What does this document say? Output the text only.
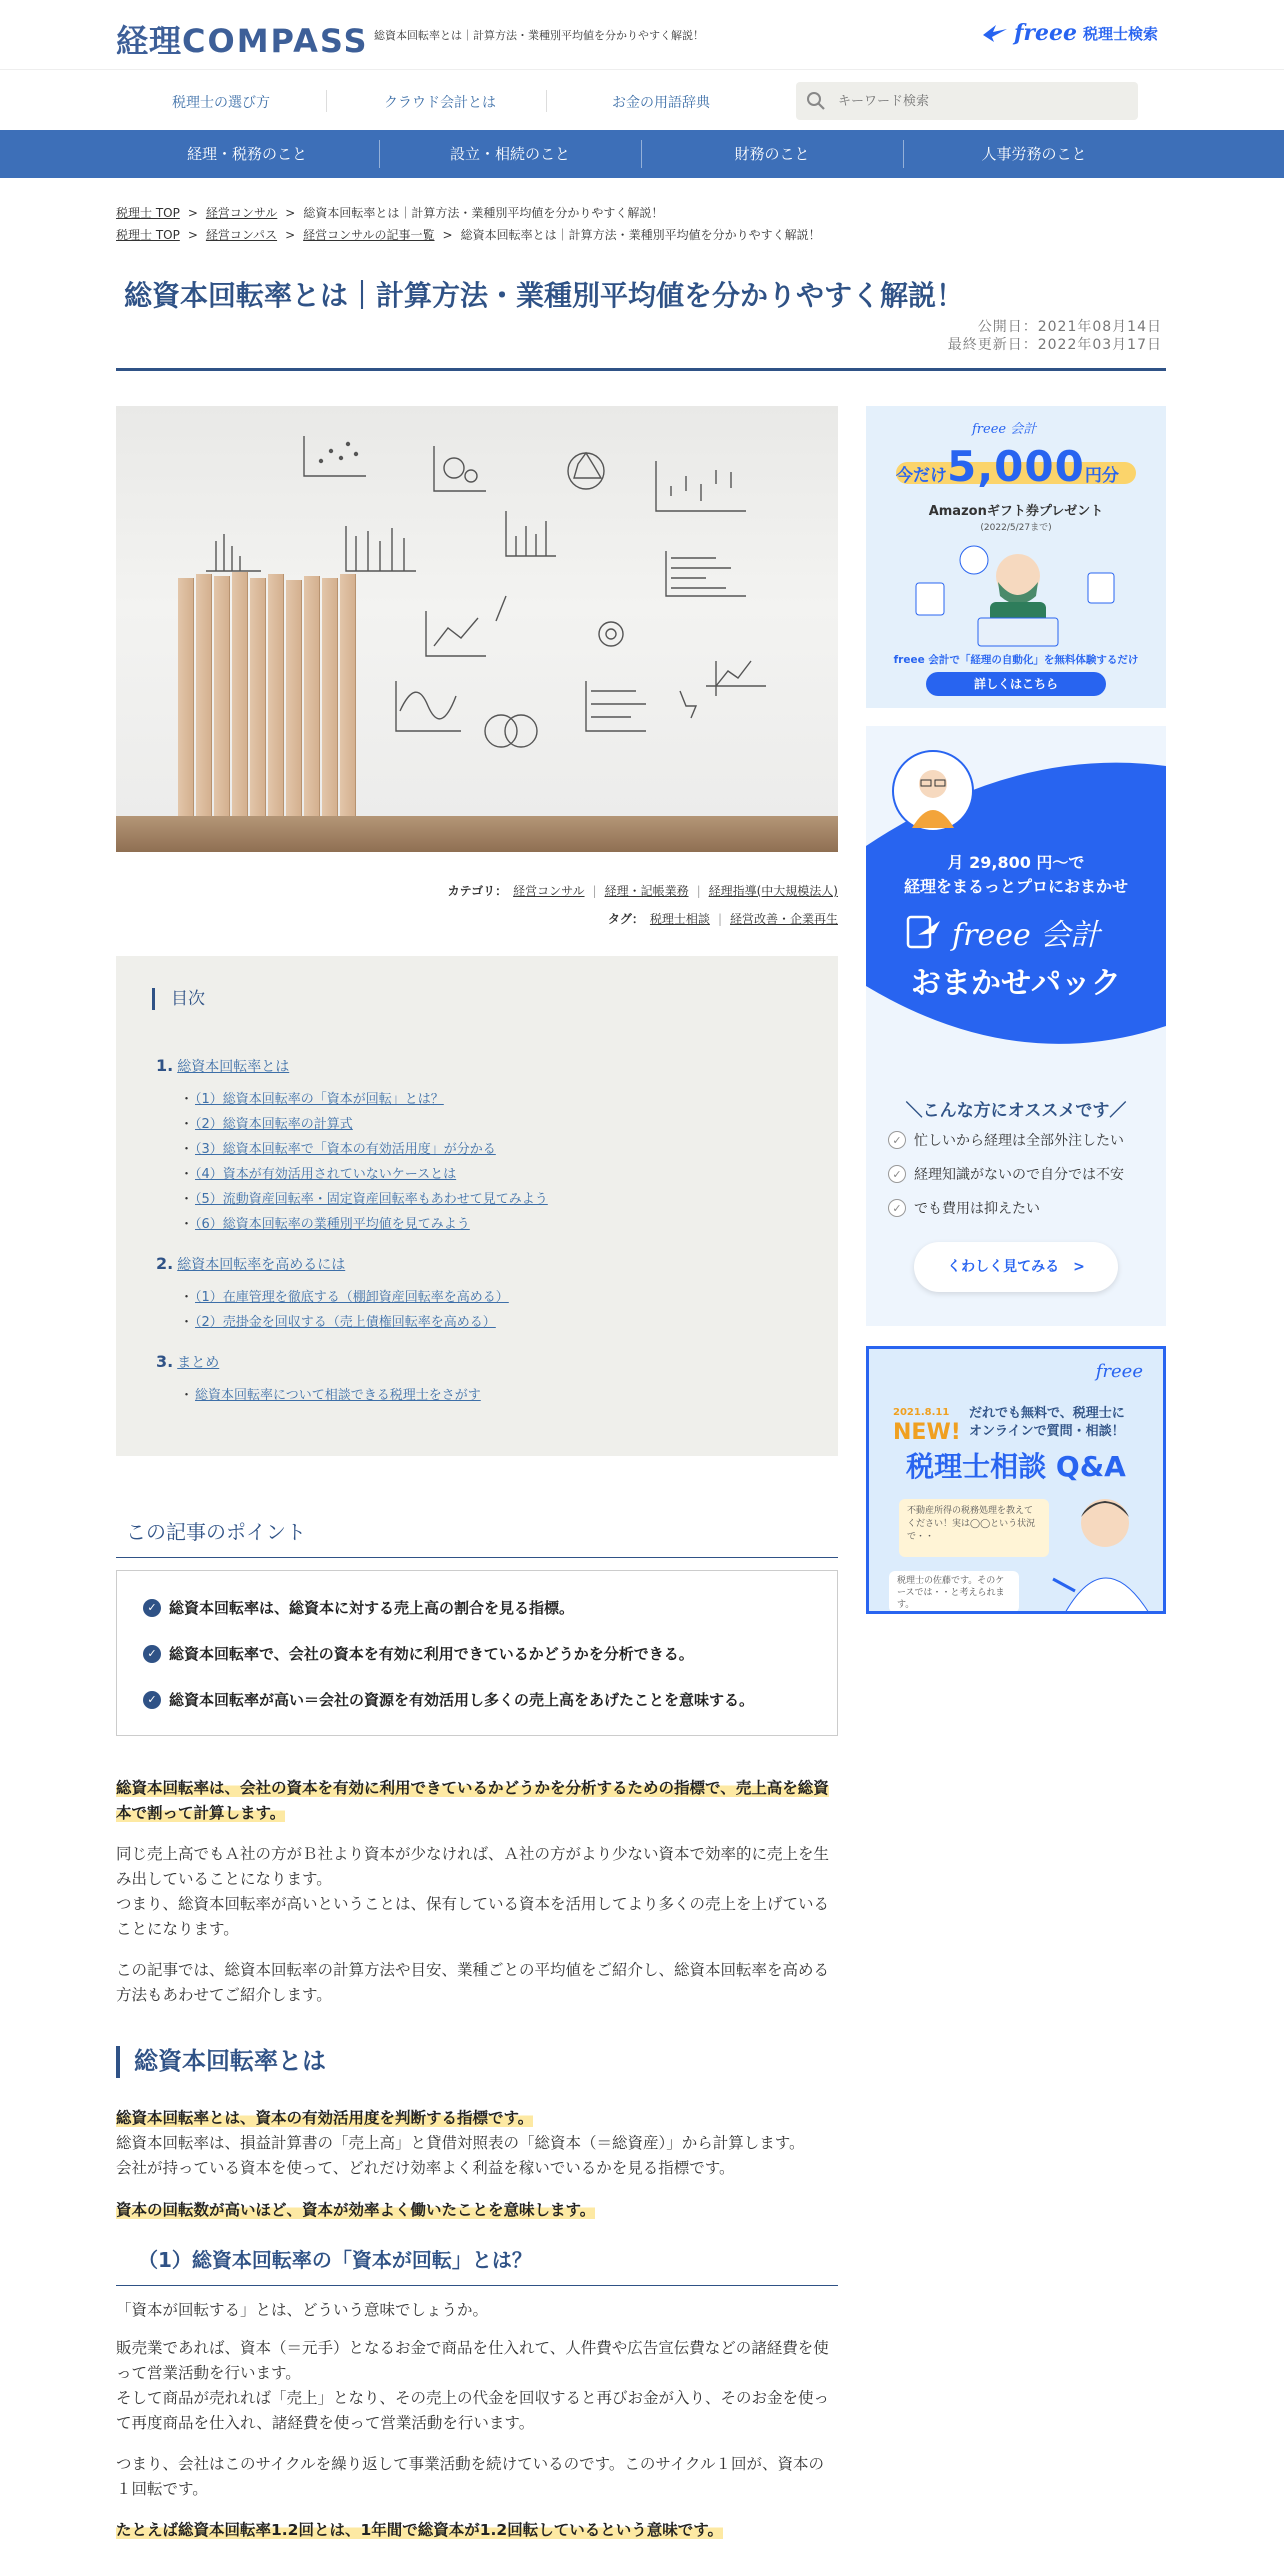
経理COMPASS 総資本回転率とは｜計算方法・業種別平均値を分かりやすく解説！	freee 税理士検索
税理士の選び方	クラウド会計とは	お金の用語辞典
キーワード検索
経理・税務のこと	設立・相続のこと	財務のこと	人事労務のこと
税理士 TOP > 経営コンサル > 総資本回転率とは｜計算方法・業種別平均値を分かりやすく解説！
税理士 TOP > 経営コンパス > 経営コンサルの記事一覧 > 総資本回転率とは｜計算方法・業種別平均値を分かりやすく解説！
総資本回転率とは｜計算方法・業種別平均値を分かりやすく解説！
公開日：2021年08月14日
最終更新日：2022年03月17日
カテゴリ： 経営コンサル | 経理・記帳業務 | 経理指導(中大規模法人)
タグ： 税理士相談 | 経営改善・企業再生
目次
1. 総資本回転率とは
・ （1）総資本回転率の「資本が回転」とは？
・ （2）総資本回転率の計算式
・ （3）総資本回転率で「資本の有効活用度」が分かる
・ （4）資本が有効活用されていないケースとは
・ （5）流動資産回転率・固定資産回転率もあわせて見てみよう
・ （6）総資本回転率の業種別平均値を見てみよう
2. 総資本回転率を高めるには
・ （1）在庫管理を徹底する（棚卸資産回転率を高める）
・ （2）売掛金を回収する（売上債権回転率を高める）
3. まとめ
・ 総資本回転率について相談できる税理士をさがす
この記事のポイント
✓ 総資本回転率は、総資本に対する売上高の割合を見る指標。
✓ 総資本回転率で、会社の資本を有効に利用できているかどうかを分析できる。
✓ 総資本回転率が高い＝会社の資源を有効活用し多くの売上高をあげたことを意味する。

総資本回転率は、会社の資本を有効に利用できているかどうかを分析するための指標で、売上高を総資本で割って計算します。

同じ売上高でもＡ社の方がＢ社より資本が少なければ、Ａ社の方がより少ない資本で効率的に売上を生み出していることになります。
つまり、総資本回転率が高いということは、保有している資本を活用してより多くの売上を上げていることになります。

この記事では、総資本回転率の計算方法や目安、業種ごとの平均値をご紹介し、総資本回転率を高める方法もあわせてご紹介します。

総資本回転率とは

総資本回転率とは、資本の有効活用度を判断する指標です。
総資本回転率は、損益計算書の「売上高」と貸借対照表の「総資本（＝総資産）」から計算します。
会社が持っている資本を使って、どれだけ効率よく利益を稼いでいるかを見る指標です。

資本の回転数が高いほど、資本が効率よく働いたことを意味します。

（1）総資本回転率の「資本が回転」とは？

「資本が回転する」とは、どういう意味でしょうか。

販売業であれば、資本（＝元手）となるお金で商品を仕入れて、人件費や広告宣伝費などの諸経費を使って営業活動を行います。
そして商品が売れれば「売上」となり、その売上の代金を回収すると再びお金が入り、そのお金を使って再度商品を仕入れ、諸経費を使って営業活動を行います。

つまり、会社はこのサイクルを繰り返して事業活動を続けているのです。このサイクル１回が、資本の１回転です。

たとえば総資本回転率1.2回とは、1年間で総資本が1.2回転しているという意味です。

freee 会計
今だけ5,000円分
Amazonギフト券プレゼント
(2022/5/27まで)
freee 会計で「経理の自動化」を無料体験するだけ
詳しくはこちら
月 29,800 円〜で
経理をまるっとプロにおまかせ
freee 会計
おまかせパック
＼こんな方にオススメです／
✓ 忙しいから経理は全部外注したい
✓ 経理知識がないので自分では不安
✓ でも費用は抑えたい
くわしく見てみる　>
freee
2021.8.11
NEW!
だれでも無料で、税理士に
オンラインで質問・相談！
税理士相談 Q&A
不動産所得の税務処理を教えてください！実は◯◯という状況で・・
税理士の佐藤です。そのケースでは・・と考えられます。
